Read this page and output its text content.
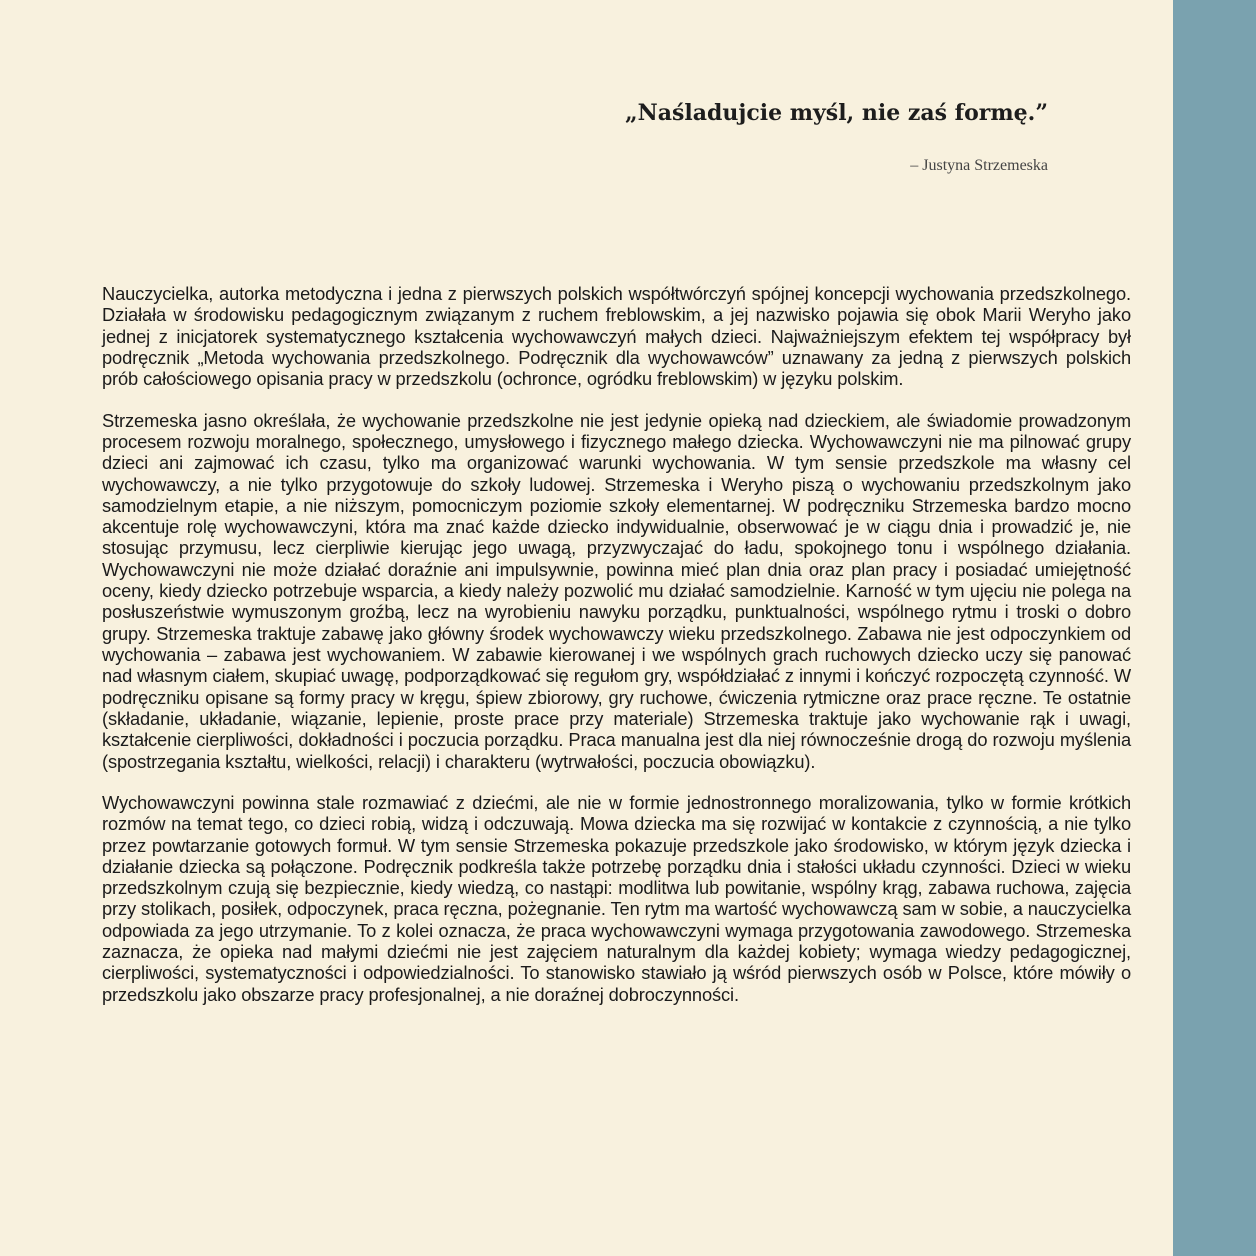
„Naśladujcie myśl, nie zaś formę.”

– Justyna Strzemeska

Nauczycielka, autorka metodyczna i jedna z pierwszych polskich współtwórczyń spójnej koncepcji wychowania przedszkolnego. Działała w środowisku pedagogicznym związanym z ruchem freblowskim, a jej nazwisko pojawia się obok Marii Weryho jako jednej z inicjatorek systematycznego kształcenia wychowawczyń małych dzieci. Najważniejszym efektem tej współpracy był podręcznik „Metoda wychowania przedszkolnego. Podręcznik dla wychowawców” uznawany za jedną z pierwszych polskich prób całościowego opisania pracy w przedszkolu (ochronce, ogródku freblowskim) w języku polskim.

Strzemeska jasno określała, że wychowanie przedszkolne nie jest jedynie opieką nad dzieckiem, ale świadomie prowadzonym procesem rozwoju moralnego, społecznego, umysłowego i fizycznego małego dziecka. Wychowawczyni nie ma pilnować grupy dzieci ani zajmować ich czasu, tylko ma organizować warunki wychowania. W tym sensie przedszkole ma własny cel wychowawczy, a nie tylko przygotowuje do szkoły ludowej. Strzemeska i Weryho piszą o wychowaniu przedszkolnym jako samodzielnym etapie, a nie niższym, pomocniczym poziomie szkoły elementarnej. W podręczniku Strzemeska bardzo mocno akcentuje rolę wychowawczyni, która ma znać każde dziecko indywidualnie, obserwować je w ciągu dnia i prowadzić je, nie stosując przymusu, lecz cierpliwie kierując jego uwagą, przyzwyczajać do ładu, spokojnego tonu i wspólnego działania. Wychowawczyni nie może działać doraźnie ani impulsywnie, powinna mieć plan dnia oraz plan pracy i posiadać umiejętność oceny, kiedy dziecko potrzebuje wsparcia, a kiedy należy pozwolić mu działać samodzielnie. Karność w tym ujęciu nie polega na posłuszeństwie wymuszonym groźbą, lecz na wyrobieniu nawyku porządku, punktualności, wspólnego rytmu i troski o dobro grupy. Strzemeska traktuje zabawę jako główny środek wychowawczy wieku przedszkolnego. Zabawa nie jest odpoczynkiem od wychowania – zabawa jest wychowaniem. W zabawie kierowanej i we wspólnych grach ruchowych dziecko uczy się panować nad własnym ciałem, skupiać uwagę, podporządkować się regułom gry, współdziałać z innymi i kończyć rozpoczętą czynność. W podręczniku opisane są formy pracy w kręgu, śpiew zbiorowy, gry ruchowe, ćwiczenia rytmiczne oraz prace ręczne. Te ostatnie (składanie, układanie, wiązanie, lepienie, proste prace przy materiale) Strzemeska traktuje jako wychowanie rąk i uwagi, kształcenie cierpliwości, dokładności i poczucia porządku. Praca manualna jest dla niej równocześnie drogą do rozwoju myślenia (spostrzegania kształtu, wielkości, relacji) i charakteru (wytrwałości, poczucia obowiązku).

Wychowawczyni powinna stale rozmawiać z dziećmi, ale nie w formie jednostronnego moralizowania, tylko w formie krótkich rozmów na temat tego, co dzieci robią, widzą i odczuwają. Mowa dziecka ma się rozwijać w kontakcie z czynnością, a nie tylko przez powtarzanie gotowych formuł. W tym sensie Strzemeska pokazuje przedszkole jako środowisko, w którym język dziecka i działanie dziecka są połączone. Podręcznik podkreśla także potrzebę porządku dnia i stałości układu czynności. Dzieci w wieku przedszkolnym czują się bezpiecznie, kiedy wiedzą, co nastąpi: modlitwa lub powitanie, wspólny krąg, zabawa ruchowa, zajęcia przy stolikach, posiłek, odpoczynek, praca ręczna, pożegnanie. Ten rytm ma wartość wychowawczą sam w sobie, a nauczycielka odpowiada za jego utrzymanie. To z kolei oznacza, że praca wychowawczyni wymaga przygotowania zawodowego. Strzemeska zaznacza, że opieka nad małymi dziećmi nie jest zajęciem naturalnym dla każdej kobiety; wymaga wiedzy pedagogicznej, cierpliwości, systematyczności i odpowiedzialności. To stanowisko stawiało ją wśród pierwszych osób w Polsce, które mówiły o przedszkolu jako obszarze pracy profesjonalnej, a nie doraźnej dobroczynności.
